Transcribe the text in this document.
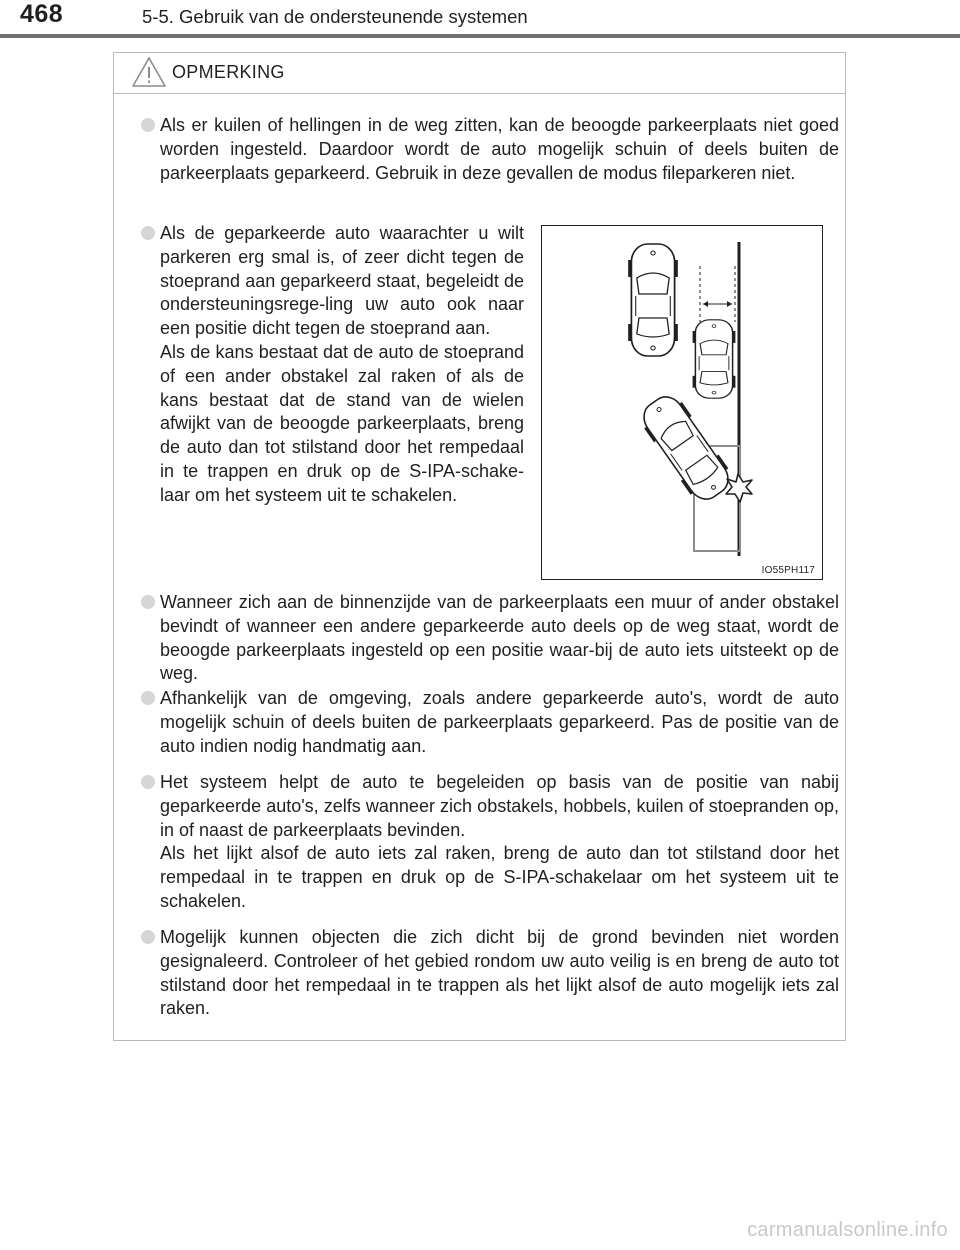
468	5-5. Gebruik van de ondersteunende systemen
OPMERKING
Als er kuilen of hellingen in de weg zitten, kan de beoogde parkeerplaats niet goed worden ingesteld. Daardoor wordt de auto mogelijk schuin of deels buiten de parkeerplaats geparkeerd. Gebruik in deze gevallen de modus fileparkeren niet.
Als de geparkeerde auto waarachter u wilt parkeren erg smal is, of zeer dicht tegen de stoeprand aan geparkeerd staat, begeleidt de ondersteuningsrege-ling uw auto ook naar een positie dicht tegen de stoeprand aan.
Als de kans bestaat dat de auto de stoeprand of een ander obstakel zal raken of als de kans bestaat dat de stand van de wielen afwijkt van de beoogde parkeerplaats, breng de auto dan tot stilstand door het rempedaal in te trappen en druk op de S-IPA-schake-laar om het systeem uit te schakelen.
Wanneer zich aan de binnenzijde van de parkeerplaats een muur of ander obstakel bevindt of wanneer een andere geparkeerde auto deels op de weg staat, wordt de beoogde parkeerplaats ingesteld op een positie waar-bij de auto iets uitsteekt op de weg.
Afhankelijk van de omgeving, zoals andere geparkeerde auto's, wordt de auto mogelijk schuin of deels buiten de parkeerplaats geparkeerd. Pas de positie van de auto indien nodig handmatig aan.
Het systeem helpt de auto te begeleiden op basis van de positie van nabij geparkeerde auto's, zelfs wanneer zich obstakels, hobbels, kuilen of stoepranden op, in of naast de parkeerplaats bevinden.
Als het lijkt alsof de auto iets zal raken, breng de auto dan tot stilstand door het rempedaal in te trappen en druk op de S-IPA-schakelaar om het systeem uit te schakelen.
Mogelijk kunnen objecten die zich dicht bij de grond bevinden niet worden gesignaleerd. Controleer of het gebied rondom uw auto veilig is en breng de auto tot stilstand door het rempedaal in te trappen als het lijkt alsof de auto mogelijk iets zal raken.
IO55PH117
carmanualsonline.info
